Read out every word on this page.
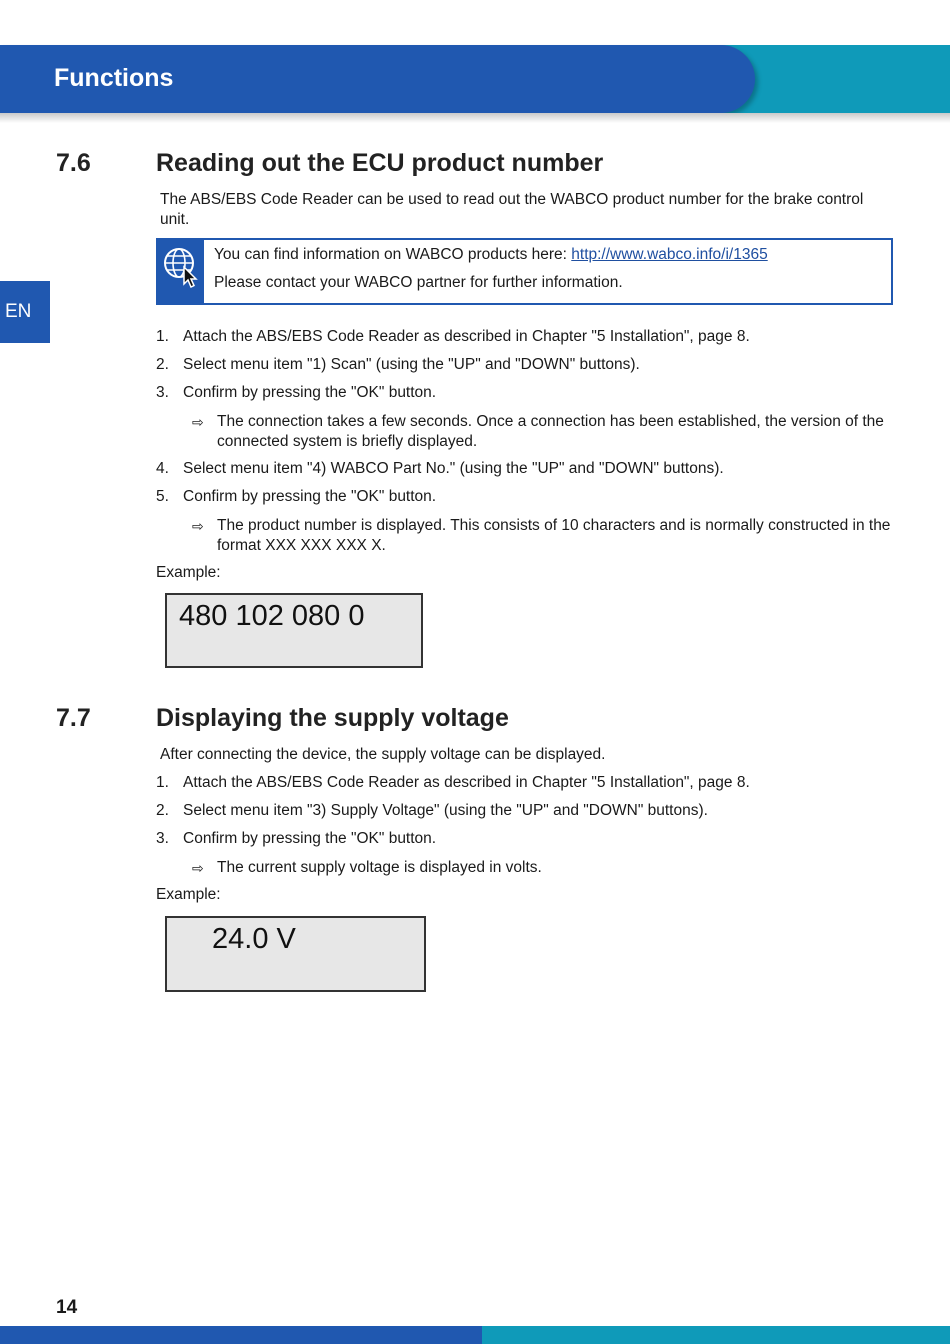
Functions
EN
7.6	Reading out the ECU product number
The ABS/EBS Code Reader can be used to read out the WABCO product number for the brake control unit.
You can find information on WABCO products here: http://www.wabco.info/i/1365
Please contact your WABCO partner for further information.
1. Attach the ABS/EBS Code Reader as described in Chapter "5 Installation", page 8.
2. Select menu item "1) Scan" (using the "UP" and "DOWN" buttons).
3. Confirm by pressing the "OK" button.
⇨ The connection takes a few seconds. Once a connection has been established, the version of the connected system is briefly displayed.
4. Select menu item "4) WABCO Part No." (using the "UP" and "DOWN" buttons).
5. Confirm by pressing the "OK" button.
⇨ The product number is displayed. This consists of 10 characters and is normally constructed in the format XXX XXX XXX X.
Example:
480 102 080 0
7.7	Displaying the supply voltage
After connecting the device, the supply voltage can be displayed.
1. Attach the ABS/EBS Code Reader as described in Chapter "5 Installation", page 8.
2. Select menu item "3) Supply Voltage" (using the "UP" and "DOWN" buttons).
3. Confirm by pressing the "OK" button.
⇨ The current supply voltage is displayed in volts.
Example:
24.0 V
14
